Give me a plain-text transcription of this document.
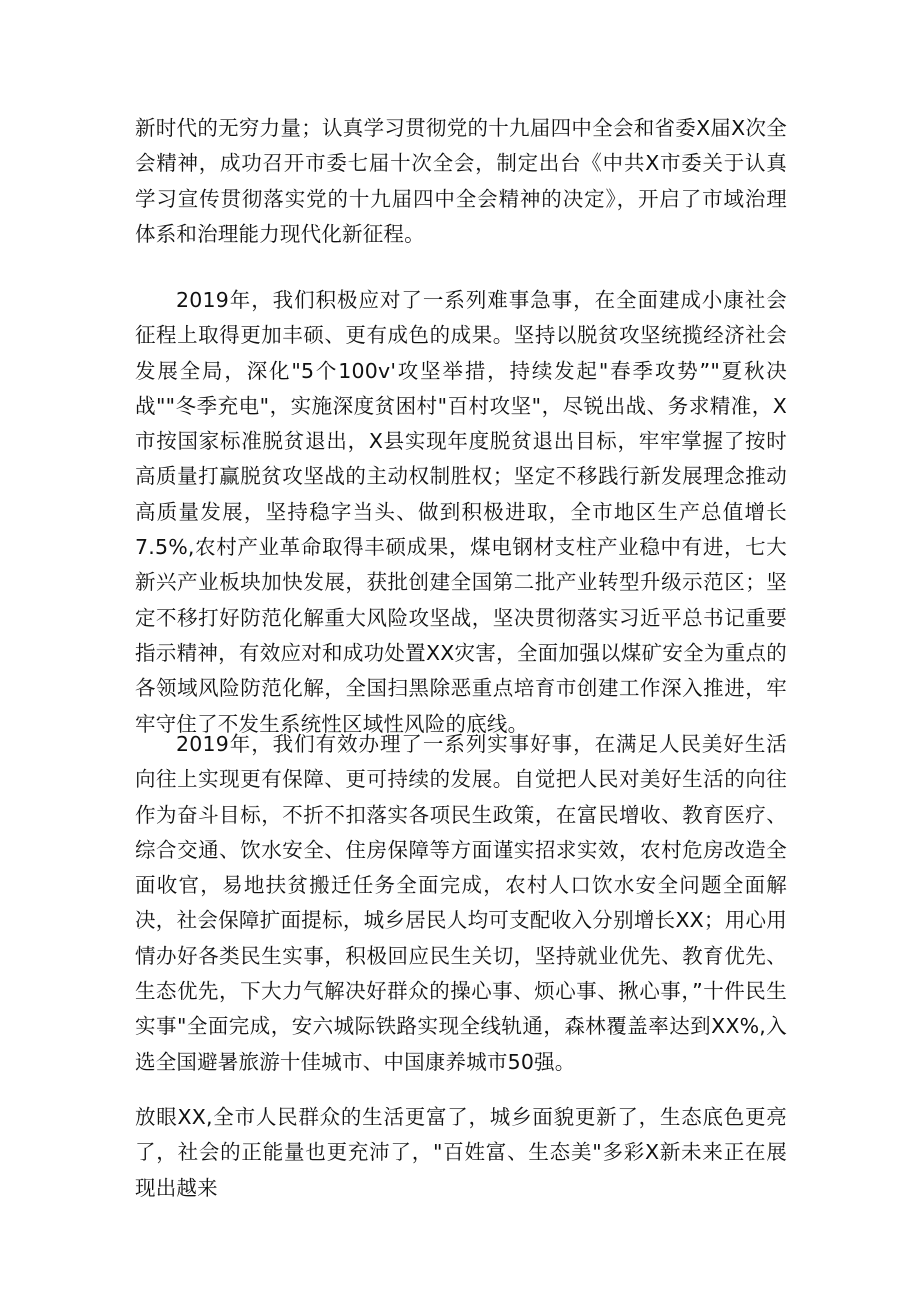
新时代的无穷力量；认真学习贯彻党的十九届四中全会和省委X届X次全会精神，成功召开市委七届十次全会，制定出台《中共X市委关于认真学习宣传贯彻落实党的十九届四中全会精神的决定》，开启了市域治理体系和治理能力现代化新征程。

2019年，我们积极应对了一系列难事急事，在全面建成小康社会征程上取得更加丰硕、更有成色的成果。坚持以脱贫攻坚统揽经济社会发展全局，深化"5个100v'攻坚举措，持续发起"春季攻势”"夏秋决战""冬季充电"，实施深度贫困村"百村攻坚"，尽锐出战、务求精准，X市按国家标准脱贫退出，X县实现年度脱贫退出目标，牢牢掌握了按时高质量打赢脱贫攻坚战的主动权制胜权；坚定不移践行新发展理念推动高质量发展，坚持稳字当头、做到积极进取，全市地区生产总值增长7.5%,农村产业革命取得丰硕成果，煤电钢材支柱产业稳中有进，七大新兴产业板块加快发展，获批创建全国第二批产业转型升级示范区；坚定不移打好防范化解重大风险攻坚战，坚决贯彻落实习近平总书记重要指示精神，有效应对和成功处置XX灾害，全面加强以煤矿安全为重点的各领域风险防范化解，全国扫黑除恶重点培育市创建工作深入推进，牢牢守住了不发生系统性区域性风险的底线。

2019年，我们有效办理了一系列实事好事，在满足人民美好生活向往上实现更有保障、更可持续的发展。自觉把人民对美好生活的向往作为奋斗目标，不折不扣落实各项民生政策，在富民增收、教育医疗、综合交通、饮水安全、住房保障等方面谨实招求实效，农村危房改造全面收官，易地扶贫搬迁任务全面完成，农村人口饮水安全问题全面解决，社会保障扩面提标，城乡居民人均可支配收入分别增长XX；用心用情办好各类民生实事，积极回应民生关切，坚持就业优先、教育优先、生态优先，下大力气解决好群众的操心事、烦心事、揪心事，”十件民生实事"全面完成，安六城际铁路实现全线轨通，森林覆盖率达到XX%,入选全国避暑旅游十佳城市、中国康养城市50强。

放眼XX,全市人民群众的生活更富了，城乡面貌更新了，生态底色更亮了，社会的正能量也更充沛了，"百姓富、生态美"多彩X新未来正在展现出越来
